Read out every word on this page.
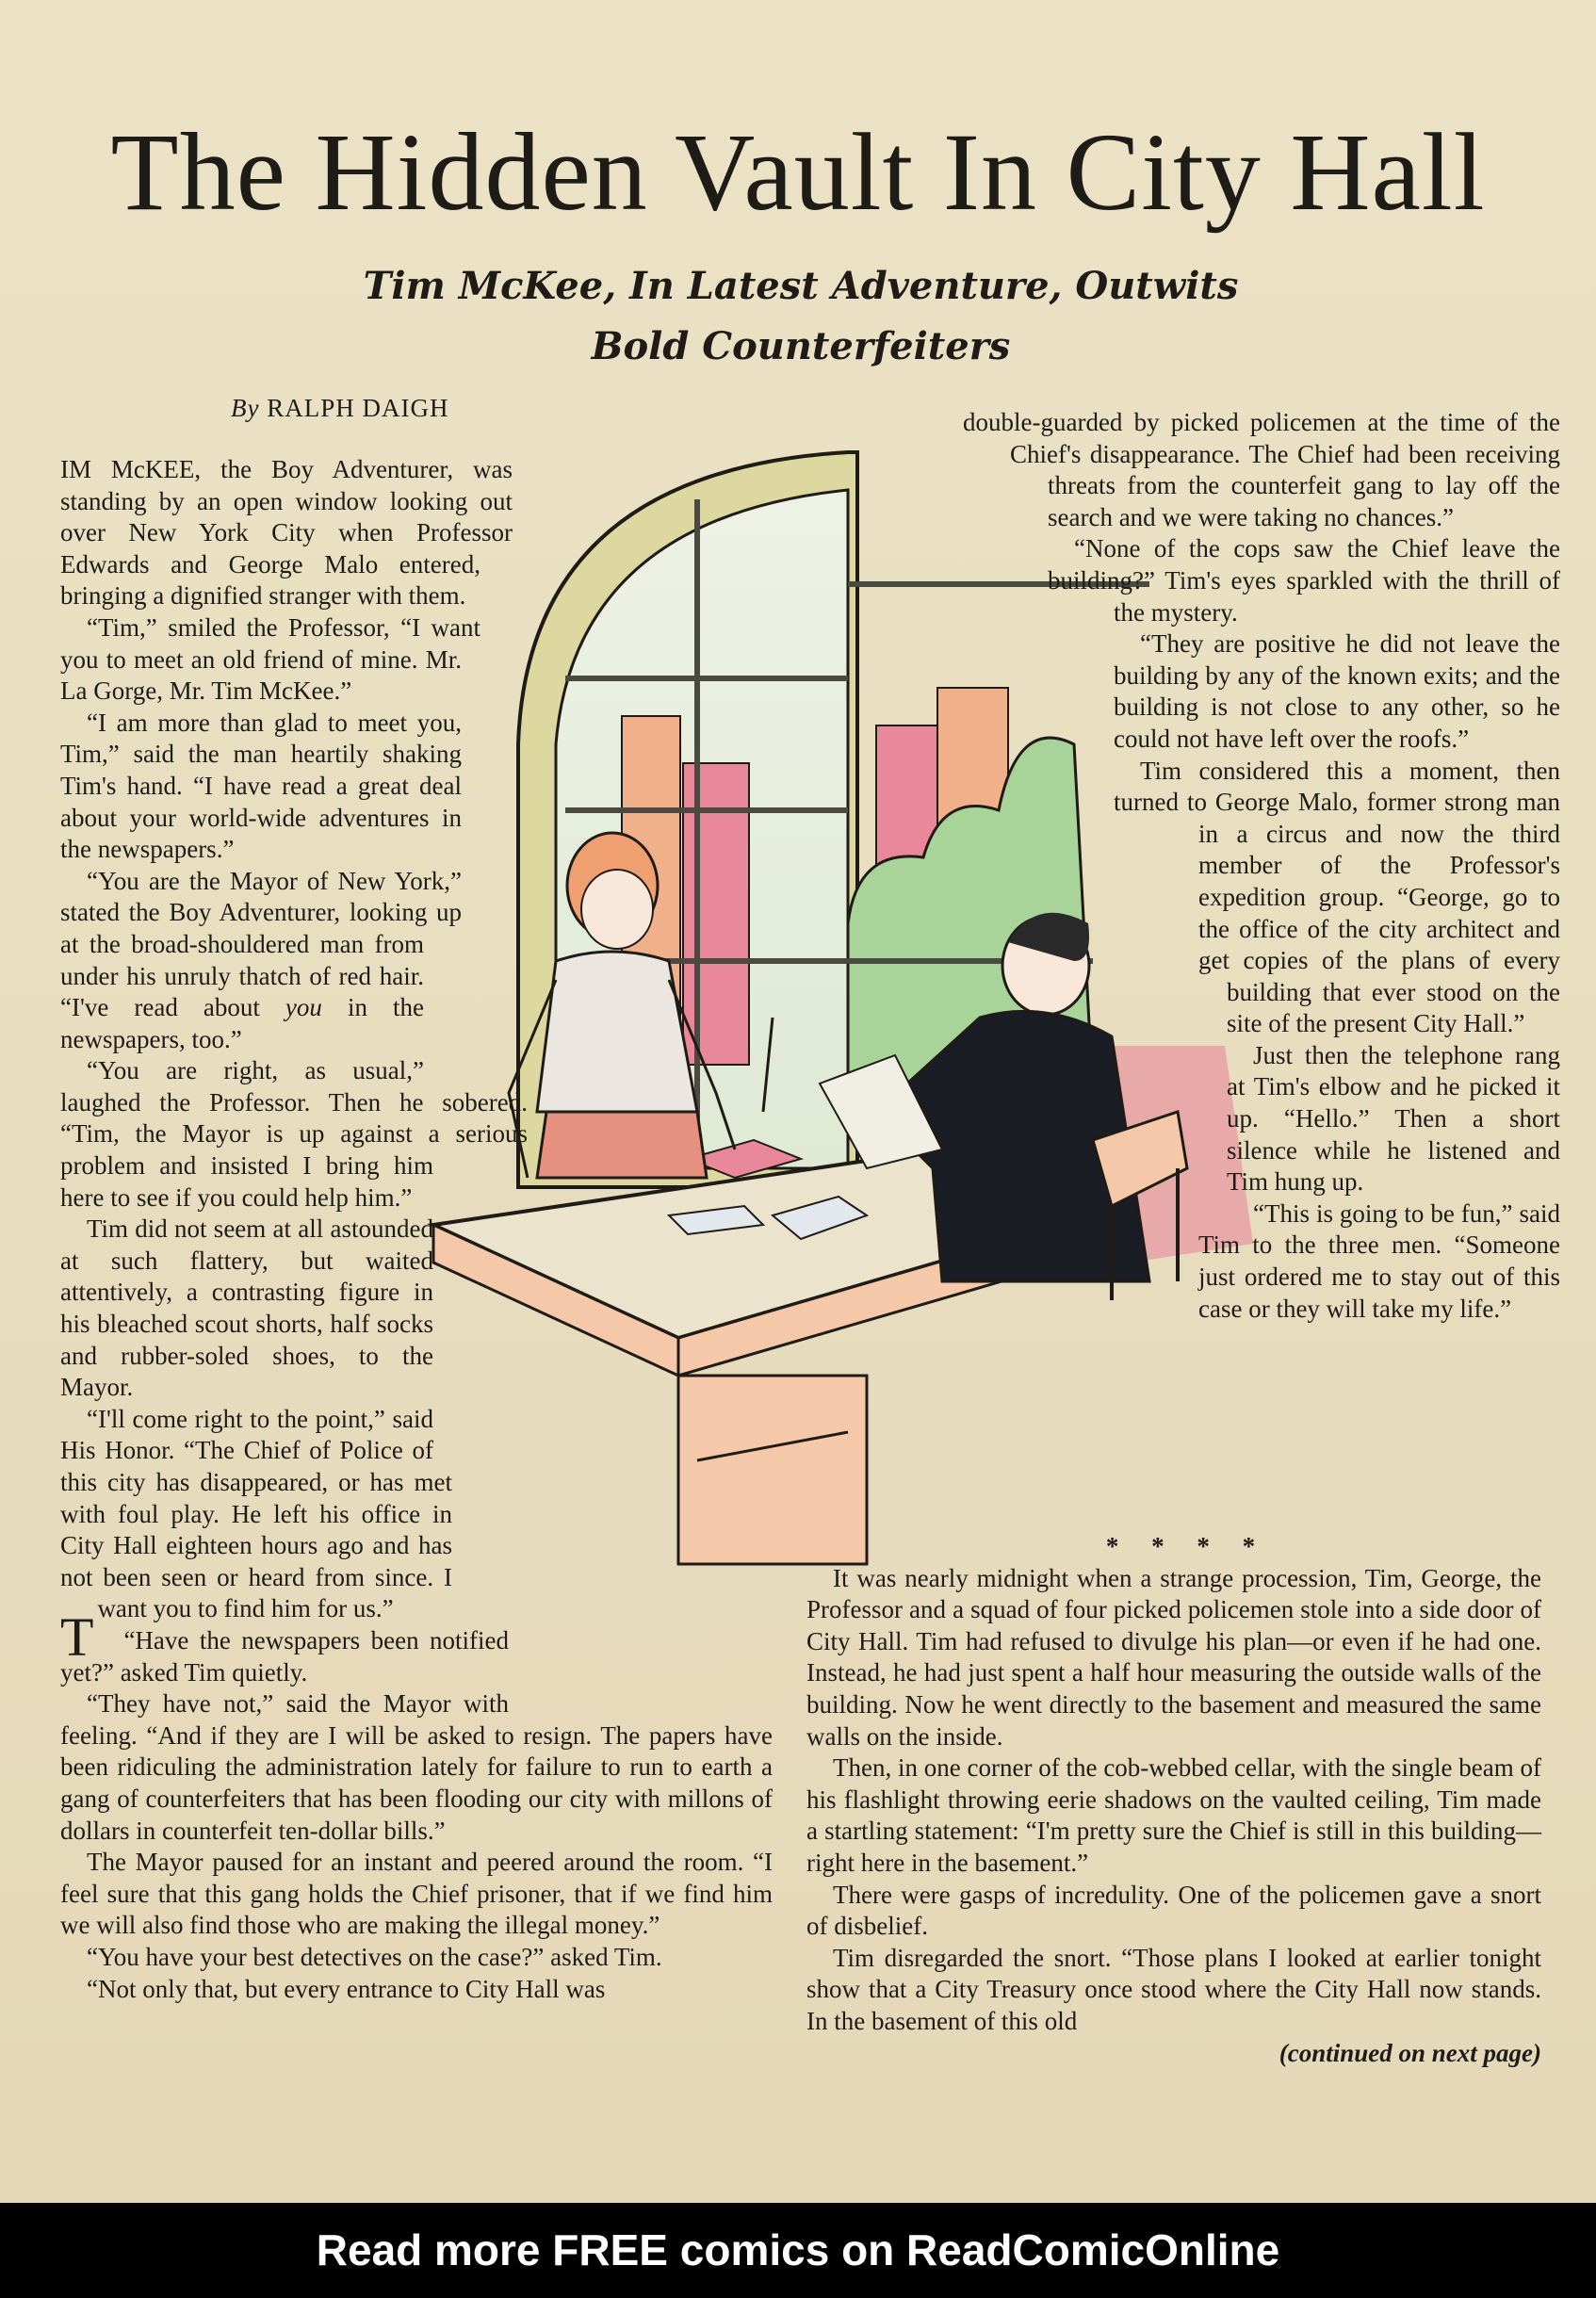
The Hidden Vault In City Hall
Tim McKee, In Latest Adventure, Outwits
Bold Counterfeiters
By RALPH DAIGH

T
IM McKEE, the Boy Adventurer, was standing by an open window looking out over New York City when Professor Edwards and George Malo entered, bringing a dignified stranger with them.

“Tim,” smiled the Professor, “I want you to meet an old friend of mine. Mr. La Gorge, Mr. Tim McKee.”

“I am more than glad to meet you, Tim,” said the man heartily shaking Tim's hand. “I have read a great deal about your world-wide adventures in the newspapers.”

“You are the Mayor of New York,” stated the Boy Adventurer, looking up at the broad-shouldered man from under his unruly thatch of red hair. “I've read about you in the newspapers, too.”

“You are right, as usual,” laughed the Professor. Then he sobered. “Tim, the Mayor is up against a serious problem and insisted I bring him here to see if you could help him.”

Tim did not seem at all astounded at such flattery, but waited attentively, a contrasting figure in his bleached scout shorts, half socks and rubber-soled shoes, to the Mayor.

“I'll come right to the point,” said His Honor. “The Chief of Police of this city has disappeared, or has met with foul play. He left his office in City Hall eighteen hours ago and has not been seen or heard from since. I want you to find him for us.”

“Have the newspapers been notified yet?” asked Tim quietly.

“They have not,” said the Mayor with feeling. “And if they are I will be asked to resign. The papers have been ridiculing the administration lately for failure to run to earth a gang of counterfeiters that has been flooding our city with millons of dollars in counterfeit ten-dollar bills.”

The Mayor paused for an instant and peered around the room. “I feel sure that this gang holds the Chief prisoner, that if we find him we will also find those who are making the illegal money.”

“You have your best detectives on the case?” asked Tim.

“Not only that, but every entrance to City Hall was

double-guarded by picked policemen at the time of the Chief's disappearance. The Chief had been receiving threats from the counterfeit gang to lay off the search and we were taking no chances.”

“None of the cops saw the Chief leave the building?” Tim's eyes sparkled with the thrill of the mystery.

“They are positive he did not leave the building by any of the known exits; and the building is not close to any other, so he could not have left over the roofs.”

Tim considered this a moment, then turned to George Malo, former strong man in a circus and now the third member of the Professor's expedition group. “George, go to the office of the city architect and get copies of the plans of every building that ever stood on the site of the present City Hall.”

Just then the telephone rang at Tim's elbow and he picked it up. “Hello.” Then a short silence while he listened and Tim hung up.

“This is going to be fun,” said Tim to the three men. “Someone just ordered me to stay out of this case or they will take my life.”

* * * *

It was nearly midnight when a strange procession, Tim, George, the Professor and a squad of four picked policemen stole into a side door of City Hall. Tim had refused to divulge his plan—or even if he had one. Instead, he had just spent a half hour measuring the outside walls of the building. Now he went directly to the basement and measured the same walls on the inside.

Then, in one corner of the cob-webbed cellar, with the single beam of his flashlight throwing eerie shadows on the vaulted ceiling, Tim made a startling statement: “I'm pretty sure the Chief is still in this building—right here in the basement.”

There were gasps of incredulity. One of the policemen gave a snort of disbelief.

Tim disregarded the snort. “Those plans I looked at earlier tonight show that a City Treasury once stood where the City Hall now stands. In the basement of this old

(continued on next page)

Read more FREE comics on ReadComicOnline
